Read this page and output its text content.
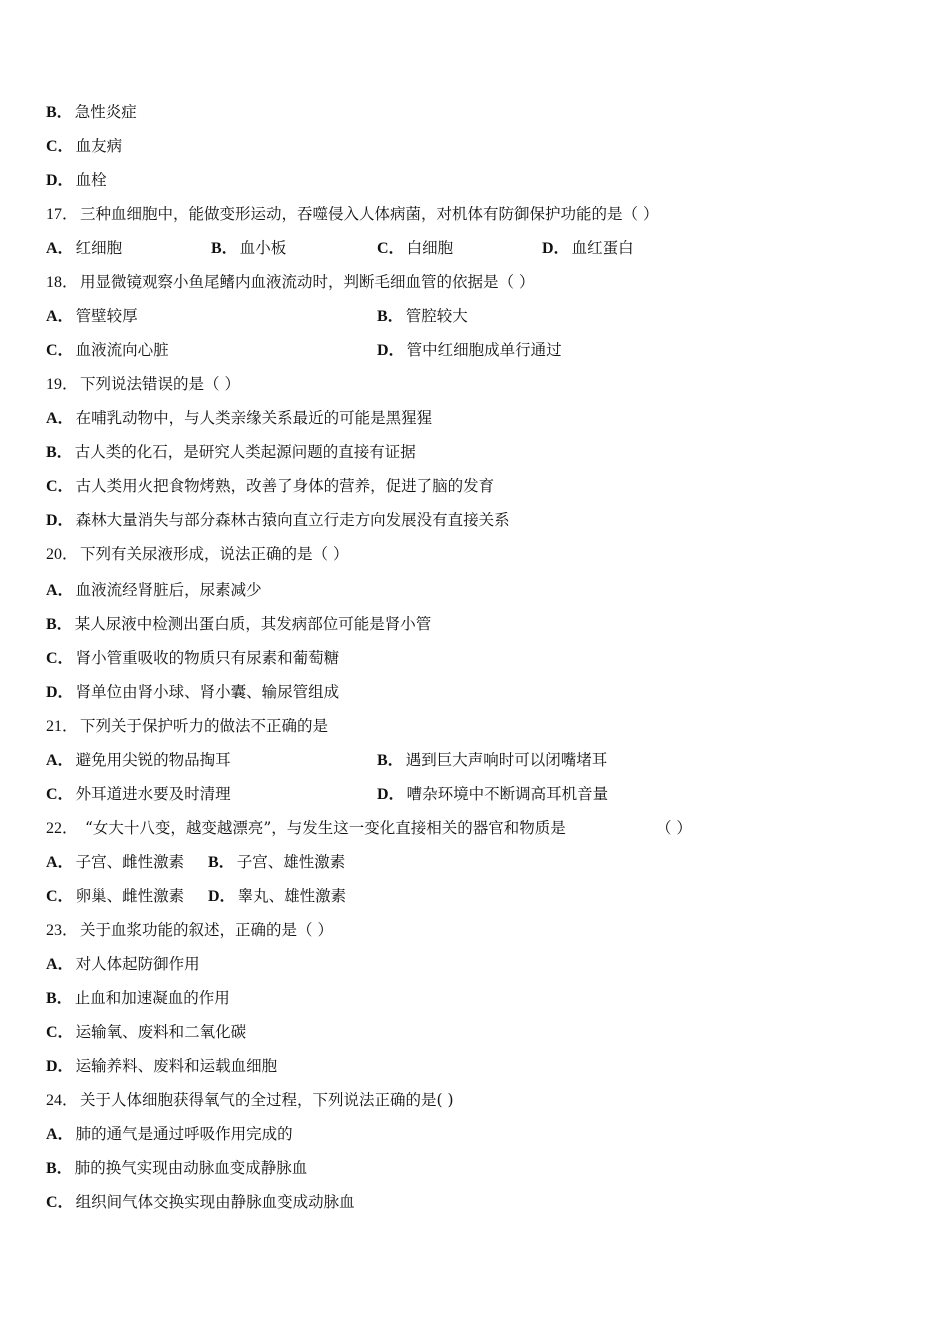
B． 急性炎症
C． 血友病
D． 血栓
17． 三种血细胞中，能做变形运动，吞噬侵入人体病菌，对机体有防御保护功能的是（ ）
A． 红细胞	B． 血小板	C． 白细胞	D． 血红蛋白
18． 用显微镜观察小鱼尾鳍内血液流动时，判断毛细血管的依据是（ ）
A． 管壁较厚	B． 管腔较大
C． 血液流向心脏	D． 管中红细胞成单行通过
19． 下列说法错误的是（ ）
A． 在哺乳动物中，与人类亲缘关系最近的可能是黑猩猩
B． 古人类的化石，是研究人类起源问题的直接有证据
C． 古人类用火把食物烤熟，改善了身体的营养，促进了脑的发育
D． 森林大量消失与部分森林古猿向直立行走方向发展没有直接关系
20． 下列有关尿液形成，说法正确的是（ ）
A． 血液流经肾脏后，尿素减少
B． 某人尿液中检测出蛋白质，其发病部位可能是肾小管
C． 肾小管重吸收的物质只有尿素和葡萄糖
D． 肾单位由肾小球、肾小囊、输尿管组成
21． 下列关于保护听力的做法不正确的是
A． 避免用尖锐的物品掏耳	B． 遇到巨大声响时可以闭嘴堵耳
C． 外耳道进水要及时清理	D． 嘈杂环境中不断调高耳机音量
22． “女大十八变，越变越漂亮”，与发生这一变化直接相关的器官和物质是	（ ）
A． 子宫、雌性激素 B． 子宫、雄性激素
C． 卵巢、雌性激素 D． 睾丸、雄性激素
23． 关于血浆功能的叙述，正确的是（ ）
A． 对人体起防御作用
B． 止血和加速凝血的作用
C． 运输氧、废料和二氧化碳
D． 运输养料、废料和运载血细胞
24． 关于人体细胞获得氧气的全过程，下列说法正确的是( )
A． 肺的通气是通过呼吸作用完成的
B． 肺的换气实现由动脉血变成静脉血
C． 组织间气体交换实现由静脉血变成动脉血
